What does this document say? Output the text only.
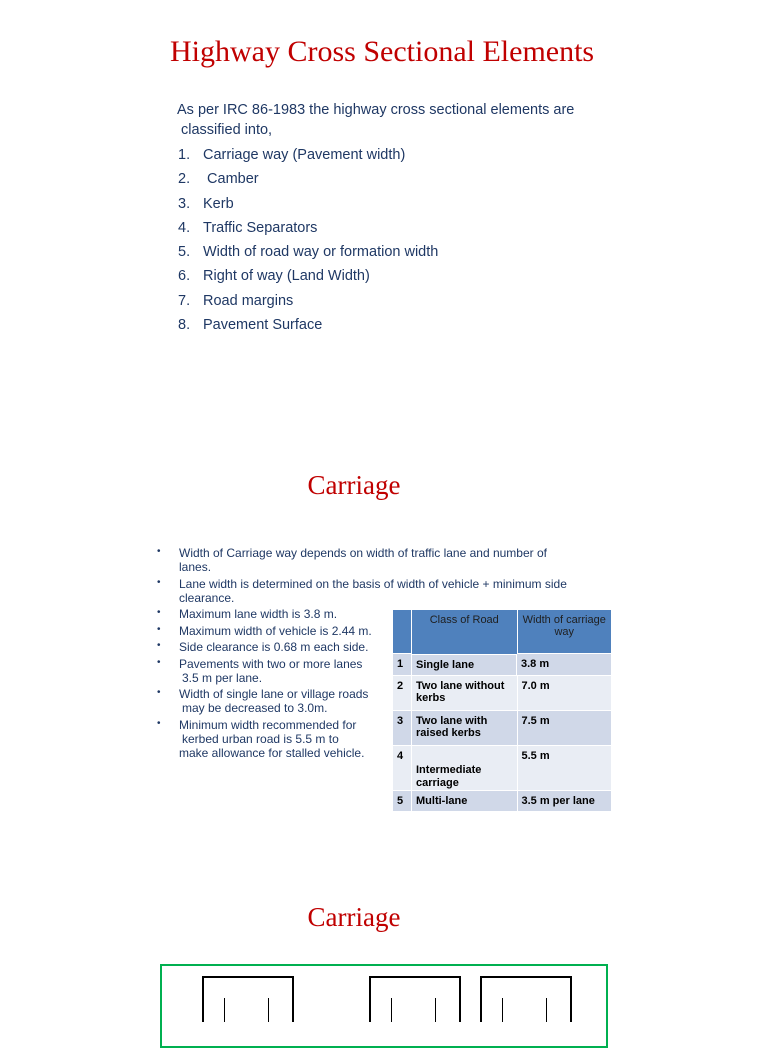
Highway Cross Sectional Elements
As per IRC 86-1983 the highway cross sectional elements are
classified into,
1. Carriage way (Pavement width)
2. Camber
3. Kerb
4. Traffic Separators
5. Width of road way or formation width
6. Right of way (Land Width)
7. Road margins
8. Pavement Surface
Carriage
• Width of Carriage way depends on width of traffic lane and number of
lanes.
• Lane width is determined on the basis of width of vehicle + minimum side
clearance.
• Maximum lane width is 3.8 m.
• Maximum width of vehicle is 2.44 m.
• Side clearance is 0.68 m each side.
• Pavements with two or more lanes
3.5 m per lane.
• Width of single lane or village roads
may be decreased to 3.0m.
• Minimum width recommended for
kerbed urban road is 5.5 m to
make allowance for stalled vehicle.
	Class of Road	Width of carriage way
1		Single lane	3.8 m
2	Two lane without kerbs	7.0 m
3	Two lane with raised kerbs	7.5 m
4	Intermediate carriage	5.5 m
5	Multi-lane	3.5 m per lane
Carriage
